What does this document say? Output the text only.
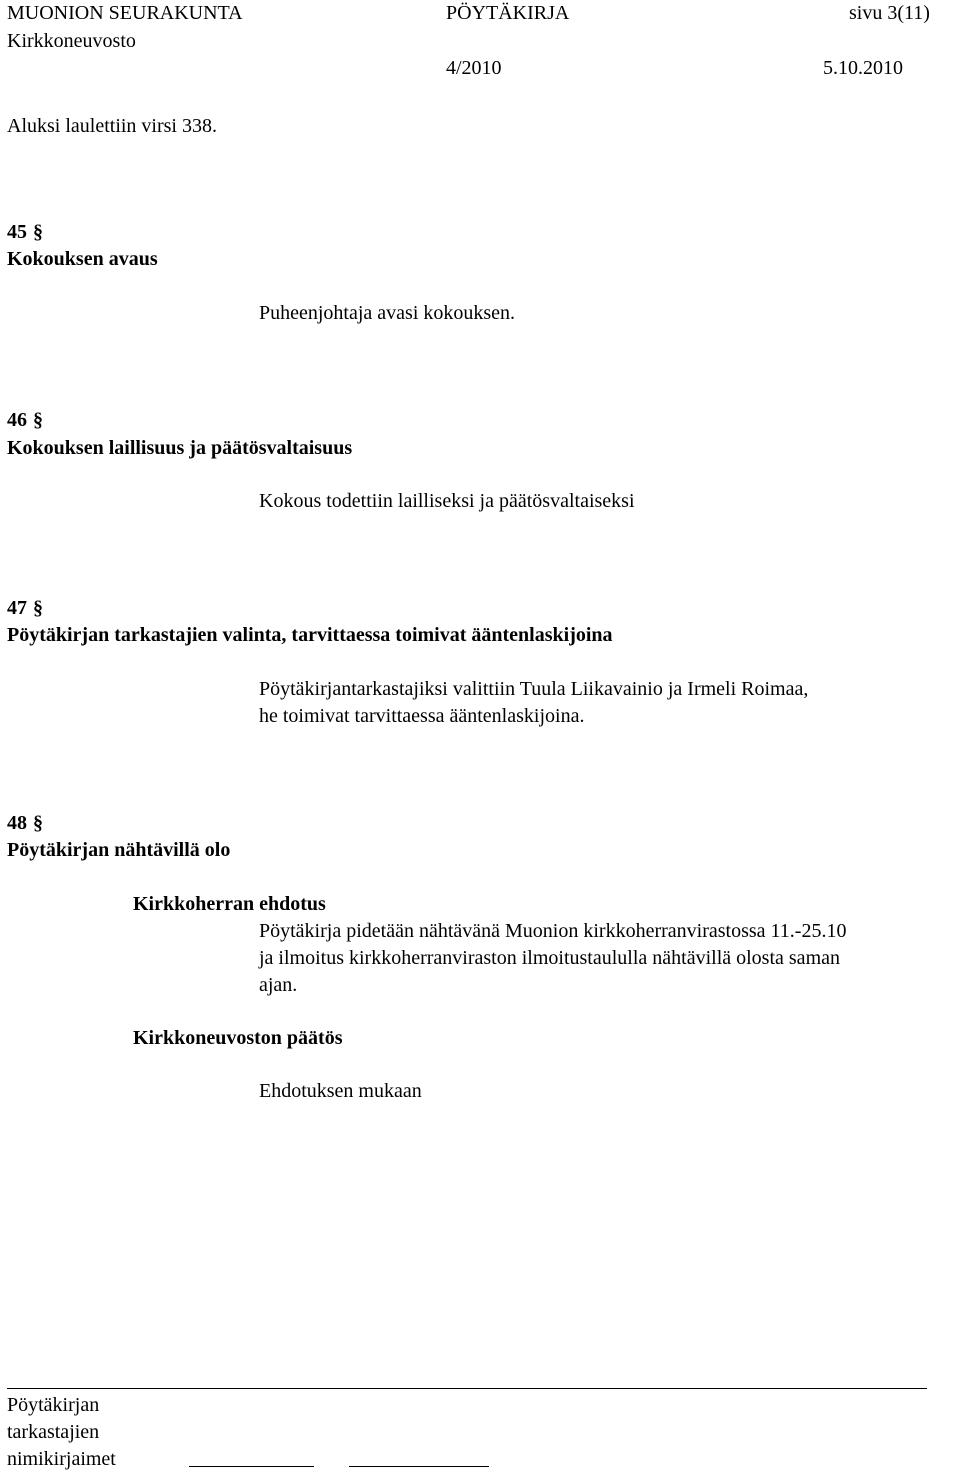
MUONION SEURAKUNTA	PÖYTÄKIRJA	sivu 3(11)
Kirkkoneuvosto
4/2010	5.10.2010
Aluksi laulettiin virsi 338.
45 §
Kokouksen avaus
Puheenjohtaja avasi kokouksen.
46 §
Kokouksen laillisuus ja päätösvaltaisuus
Kokous todettiin lailliseksi ja päätösvaltaiseksi
47 §
Pöytäkirjan tarkastajien valinta, tarvittaessa toimivat ääntenlaskijoina
Pöytäkirjantarkastajiksi valittiin Tuula Liikavainio ja Irmeli Roimaa,
he toimivat tarvittaessa ääntenlaskijoina.
48 §
Pöytäkirjan nähtävillä olo
Kirkkoherran ehdotus
Pöytäkirja pidetään nähtävänä Muonion kirkkoherranvirastossa 11.-25.10
ja ilmoitus kirkkoherranviraston ilmoitustaululla nähtävillä olosta saman
ajan.
Kirkkoneuvoston päätös
Ehdotuksen mukaan
Pöytäkirjan
tarkastajien
nimikirjaimet
